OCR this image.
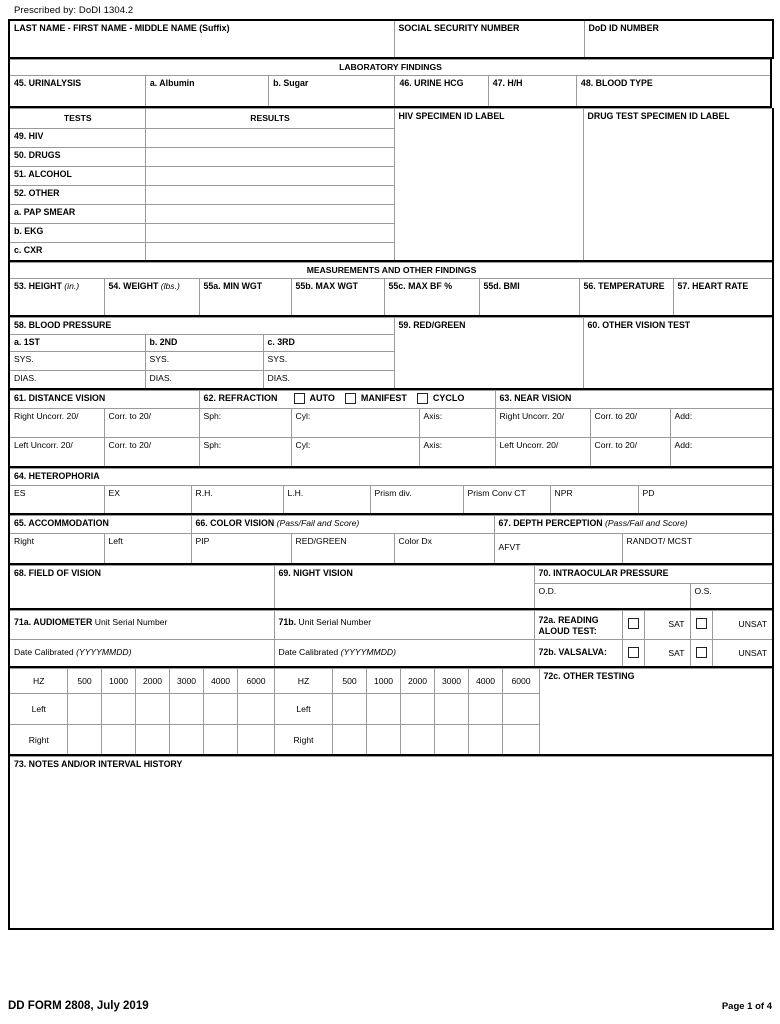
Prescribed by: DoDI 1304.2
LAST NAME - FIRST NAME - MIDDLE NAME (Suffix)	SOCIAL SECURITY NUMBER	DoD ID NUMBER
LABORATORY FINDINGS
45. URINALYSIS	a. Albumin	b. Sugar	46. URINE HCG	47. H/H	48. BLOOD TYPE
TESTS	RESULTS	HIV SPECIMEN ID LABEL	DRUG TEST SPECIMEN ID LABEL
49. HIV			
50. DRUGS			
51. ALCOHOL			
52. OTHER			
a. PAP SMEAR			
b. EKG			
c. CXR			
MEASUREMENTS AND OTHER FINDINGS
53. HEIGHT (in.)	54. WEIGHT (lbs.)	55a. MIN WGT	55b. MAX WGT	55c. MAX BF %	55d. BMI	56. TEMPERATURE	57. HEART RATE
58. BLOOD PRESSURE			59. RED/GREEN	60. OTHER VISION TEST
a. 1ST	b. 2ND	c. 3RD		
SYS.	SYS.	SYS.		
DIAS.	DIAS.	DIAS.		
61. DISTANCE VISION		62. REFRACTION AUTO MANIFEST CYCLO			63. NEAR VISION		
Right Uncorr. 20/	Corr. to 20/	Sph:	Cyl:	Axis:	Right Uncorr. 20/	Corr. to 20/	Add:
Left Uncorr. 20/	Corr. to 20/	Sph:	Cyl:	Axis:	Left Uncorr. 20/	Corr. to 20/	Add:
64. HETEROPHORIA
ES	EX	R.H.	L.H.	Prism div.	Prism Conv CT	NPR	PD
65. ACCOMMODATION		66. COLOR VISION (Pass/Fail and Score)			67. DEPTH PERCEPTION (Pass/Fail and Score)	
Right	Left	PIP	RED/GREEN	Color Dx	AFVT	RANDOT/ MCST
68. FIELD OF VISION	69. NIGHT VISION	70. INTRAOCULAR PRESSURE	
		O.D.	O.S.
71a. AUDIOMETER Unit Serial Number	71b. Unit Serial Number	72a. READING ALOUD TEST:		SAT		UNSAT
Date Calibrated (YYYYMMDD)	Date Calibrated (YYYYMMDD)	72b. VALSALVA:		SAT		UNSAT
HZ	500	1000	2000	3000	4000	6000	HZ	500	1000	2000	3000	4000	6000	72c. OTHER TESTING
Left							Left							
Right							Right							
73. NOTES AND/OR INTERVAL HISTORY
DD FORM 2808, July 2019	Page 1 of 4
